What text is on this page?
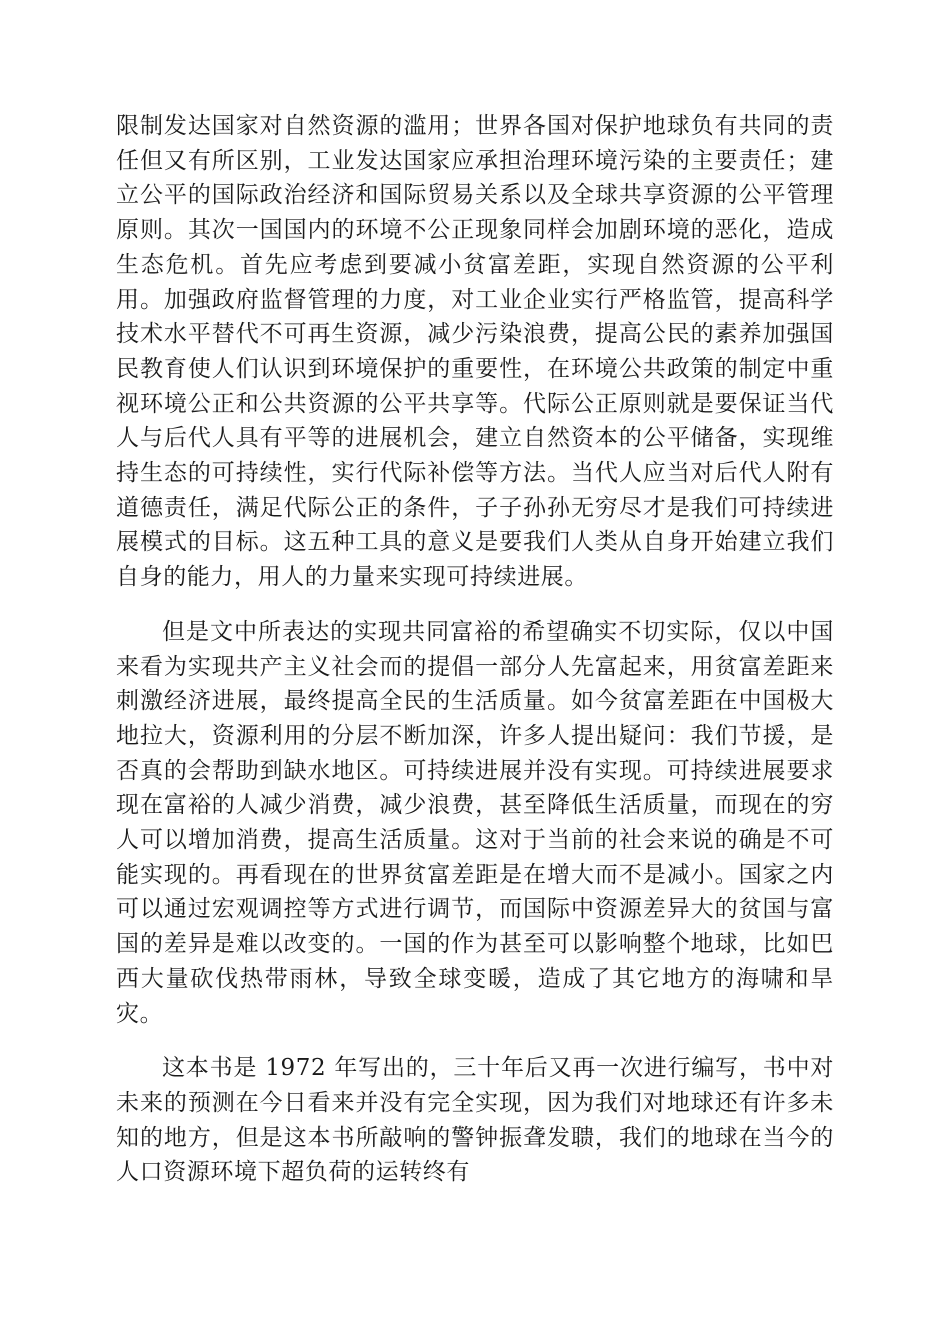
限制发达国家对自然资源的滥用；世界各国对保护地球负有共同的责任但又有所区别，工业发达国家应承担治理环境污染的主要责任；建立公平的国际政治经济和国际贸易关系以及全球共享资源的公平管理原则。其次一国国内的环境不公正现象同样会加剧环境的恶化，造成生态危机。首先应考虑到要减小贫富差距，实现自然资源的公平利用。加强政府监督管理的力度，对工业企业实行严格监管，提高科学技术水平替代不可再生资源，减少污染浪费，提高公民的素养加强国民教育使人们认识到环境保护的重要性，在环境公共政策的制定中重视环境公正和公共资源的公平共享等。代际公正原则就是要保证当代人与后代人具有平等的进展机会，建立自然资本的公平储备，实现维持生态的可持续性，实行代际补偿等方法。当代人应当对后代人附有道德责任，满足代际公正的条件，子子孙孙无穷尽才是我们可持续进展模式的目标。这五种工具的意义是要我们人类从自身开始建立我们自身的能力，用人的力量来实现可持续进展。

但是文中所表达的实现共同富裕的希望确实不切实际，仅以中国来看为实现共产主义社会而的提倡一部分人先富起来，用贫富差距来刺激经济进展，最终提高全民的生活质量。如今贫富差距在中国极大地拉大，资源利用的分层不断加深，许多人提出疑问：我们节援，是否真的会帮助到缺水地区。可持续进展并没有实现。可持续进展要求现在富裕的人减少消费，减少浪费，甚至降低生活质量，而现在的穷人可以增加消费，提高生活质量。这对于当前的社会来说的确是不可能实现的。再看现在的世界贫富差距是在增大而不是减小。国家之内可以通过宏观调控等方式进行调节，而国际中资源差异大的贫国与富国的差异是难以改变的。一国的作为甚至可以影响整个地球，比如巴西大量砍伐热带雨林，导致全球变暖，造成了其它地方的海啸和旱灾。

这本书是 1972 年写出的，三十年后又再一次进行编写，书中对未来的预测在今日看来并没有完全实现，因为我们对地球还有许多未知的地方，但是这本书所敲响的警钟振聋发聩，我们的地球在当今的人口资源环境下超负荷的运转终有
